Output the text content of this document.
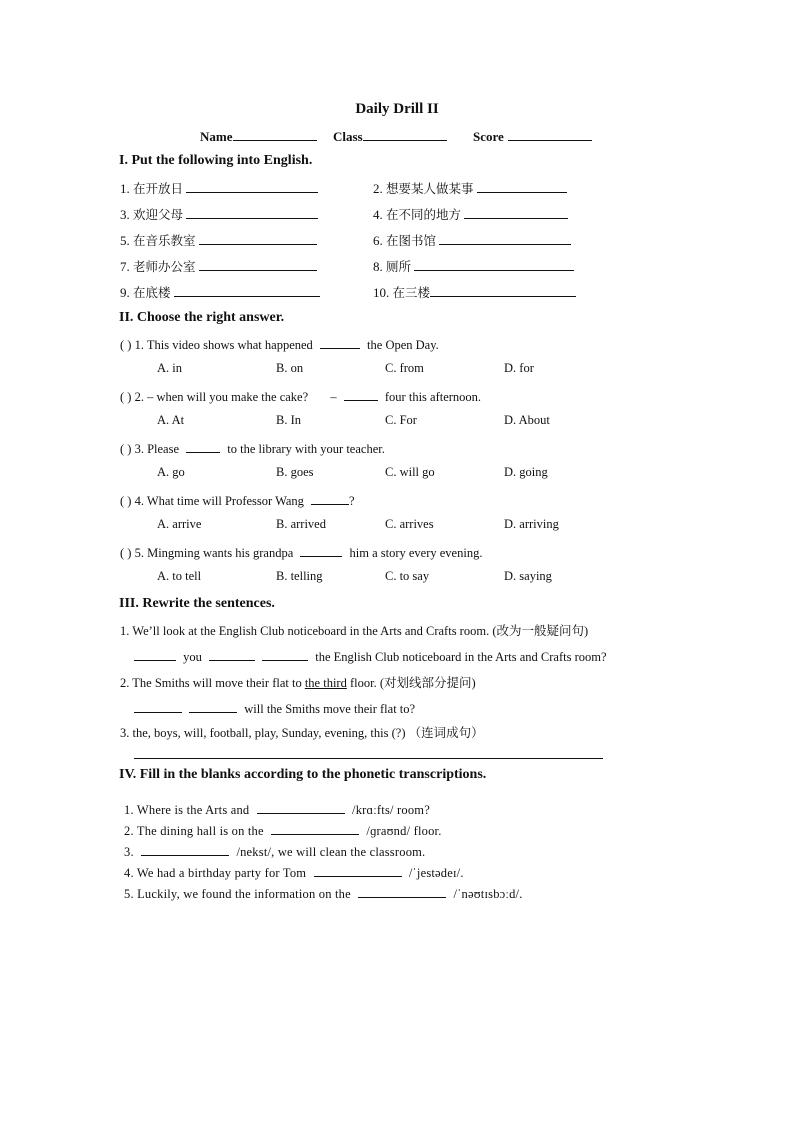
Daily Drill II
Name	Class	Score
I. Put the following into English.
1. 在开放日	2. 想要某人做某事
3. 欢迎父母	4. 在不同的地方
5. 在音乐教室	6. 在图书馆
7. 老师办公室	8. 厕所
9. 在底楼	10. 在三楼
II. Choose the right answer.
( ) 1. This video shows what happened	the Open Day.
A. in	B. on	C. from	D. for
( ) 2. – when will you make the cake? –	four this afternoon.
A. At	B. In	C. For	D. About
( ) 3. Please	to the library with your teacher.
A. go	B. goes	C. will go	D. going
( ) 4. What time will Professor Wang	?
A. arrive	B. arrived	C. arrives	D. arriving
( ) 5. Mingming wants his grandpa	him a story every evening.
A. to tell	B. telling	C. to say	D. saying
III. Rewrite the sentences.
1. We’ll look at the English Club noticeboard in the Arts and Crafts room. (改为一般疑问句)
you	the English Club noticeboard in the Arts and Crafts room?
2. The Smiths will move their flat to the third floor. (对划线部分提问)
will the Smiths move their flat to?
3. the, boys, will, football, play, Sunday, evening, this (?) （连词成句）
IV. Fill in the blanks according to the phonetic transcriptions.
1. Where is the Arts and	/krɑːfts/ room?
2. The dining hall is on the	/ɡraʊnd/ floor.
3.	/nekst/, we will clean the classroom.
4. We had a birthday party for Tom	/ˈjestədeɪ/.
5. Luckily, we found the information on the	/ˈnəʊtɪsbɔːd/.
